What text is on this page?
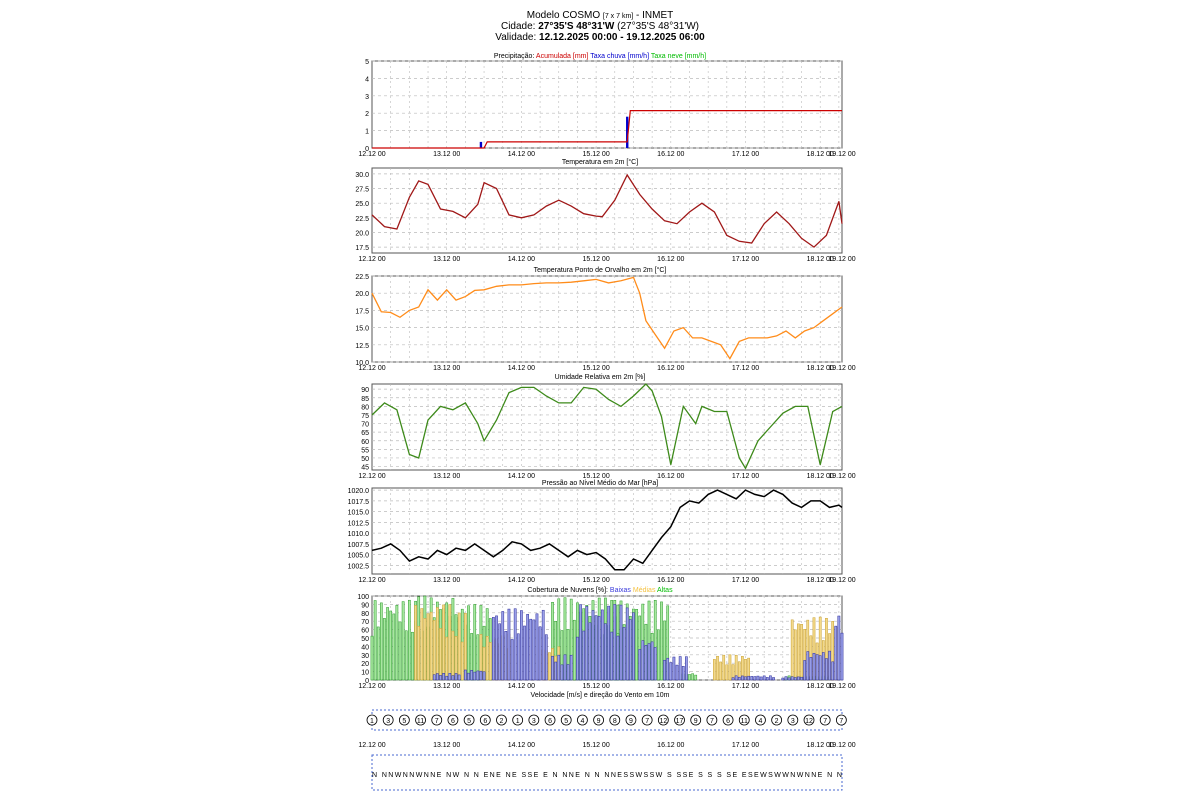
Modelo COSMO [7 x 7 km] - INMET
Cidade: 27°35'S 48°31'W (27°35'S 48°31'W)
Validade: 12.12.2025 00:00 - 19.12.2025 06:00
0
1
2
3
4
5
12.12 00	13.12 00	14.12 00	15.12 00	16.12 00	17.12 00	18.12 00
19.12 00
Precipitação: Acumulada [mm] Taxa chuva [mm/h] Taxa neve [mm/h]
17.5
20.0
22.5
25.0
27.5
30.0
12.12 00	13.12 00	14.12 00	15.12 00	16.12 00	17.12 00	18.12 00
19.12 00
Temperatura em 2m [°C]
10.0
12.5
15.0
17.5
20.0
22.5
12.12 00	13.12 00	14.12 00	15.12 00	16.12 00	17.12 00	18.12 00
19.12 00
Temperatura Ponto de Orvalho em 2m [°C]
45
50
55
60
65
70
75
80
85
90
12.12 00	13.12 00	14.12 00	15.12 00	16.12 00	17.12 00	18.12 00
19.12 00
Umidade Relativa em 2m [%]
1002.5
1005.0
1007.5
1010.0
1012.5
1015.0
1017.5
1020.0
12.12 00	13.12 00	14.12 00	15.12 00	16.12 00	17.12 00	18.12 00
19.12 00
Pressão ao Nível Médio do Mar [hPa]
0
10
20
30
40
50
60
70
80
90
100
12.12 00	13.12 00	14.12 00	15.12 00	16.12 00	17.12 00	18.12 00
19.12 00
Cobertura de Nuvens [%]: Baixas Médias Altas
Velocidade [m/s] e direção do Vento em 10m
1 3 5 11 7 6 5 6 2 1 3 6 5 4 9 8 9 7 12 17 9 7 6 11 4 2 3 12 7 7
12.12 00	13.12 00	14.12 00	15.12 00	16.12 00	17.12 00	18.12 00
19.12 00
N NNWNNWNNE NW N N ENE NE SSE E N NNE N N NNESSWSSW S SSE S S S SE ESEWSWWNWNNE N N
